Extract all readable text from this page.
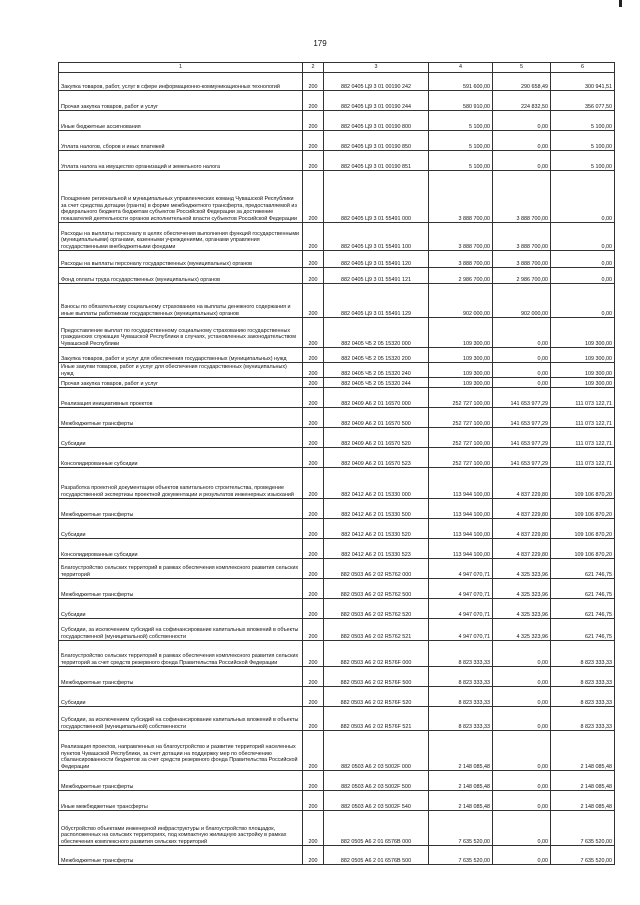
179
1	2	3	4	5	6
Закупка товаров, работ, услуг в сфере информационно-коммуникационных технологий	200	882 0405 Ц9 3 01 00190 242	591 600,00	290 658,49	300 941,51
Прочая закупка товаров, работ и услуг	200	882 0405 Ц9 3 01 00190 244	580 910,00	224 832,50	356 077,50
Иные бюджетные ассигнования	200	882 0405 Ц9 3 01 00190 800	5 100,00	0,00	5 100,00
Уплата налогов, сборов и иных платежей	200	882 0405 Ц9 3 01 00190 850	5 100,00	0,00	5 100,00
Уплата налога на имущество организаций и земельного налога	200	882 0405 Ц9 3 01 00190 851	5 100,00	0,00	5 100,00
Поощрение региональной и муниципальных управленческих команд Чувашской Республики за счет средства дотации (гранта) в форме межбюджетного трансферта, предоставляемой из федерального бюджета бюджетам субъектов Российской Федерации за достижение показателей деятельности органов исполнительной власти субъектов Российской Федерации	200	882 0405 Ц9 3 01 55491 000	3 888 700,00	3 888 700,00	0,00
Расходы на выплаты персоналу в целях обеспечения выполнения функций государственными (муниципальными) органами, казенными учреждениями, органами управления государственными внебюджетными фондами	200	882 0405 Ц9 3 01 55491 100	3 888 700,00	3 888 700,00	0,00
Расходы на выплаты персоналу государственных (муниципальных) органов	200	882 0405 Ц9 3 01 55491 120	3 888 700,00	3 888 700,00	0,00
Фонд оплаты труда государственных (муниципальных) органов	200	882 0405 Ц9 3 01 55491 121	2 986 700,00	2 986 700,00	0,00
Взносы по обязательному социальному страхованию на выплаты денежного содержания и иные выплаты работникам государственных (муниципальных) органов	200	882 0405 Ц9 3 01 55491 129	902 000,00	902 000,00	0,00
Предоставление выплат по государственному социальному страхованию государственных гражданских служащих Чувашской Республики в случаях, установленных законодательством Чувашской Республики	200	882 0405 Ч5 2 05 15320 000	109 300,00	0,00	109 300,00
Закупка товаров, работ и услуг для обеспечения государственных (муниципальных) нужд	200	882 0405 Ч5 2 05 15320 200	109 300,00	0,00	109 300,00
Иные закупки товаров, работ и услуг для обеспечения государственных (муниципальных) нужд	200	882 0405 Ч5 2 05 15320 240	109 300,00	0,00	109 300,00
Прочая закупка товаров, работ и услуг	200	882 0405 Ч5 2 05 15320 244	109 300,00	0,00	109 300,00
Реализация инициативных проектов	200	882 0409 А6 2 01 16570 000	252 727 100,00	141 653 977,29	111 073 122,71
Межбюджетные трансферты	200	882 0409 А6 2 01 16570 500	252 727 100,00	141 653 977,29	111 073 122,71
Субсидии	200	882 0409 А6 2 01 16570 520	252 727 100,00	141 653 977,29	111 073 122,71
Консолидированные субсидии	200	882 0409 А6 2 01 16570 523	252 727 100,00	141 653 977,29	111 073 122,71
Разработка проектной документации объектов капитального строительства, проведение государственной экспертизы проектной документации и результатов инженерных изысканий	200	882 0412 А6 2 01 15330 000	113 944 100,00	4 837 229,80	109 106 870,20
Межбюджетные трансферты	200	882 0412 А6 2 01 15330 500	113 944 100,00	4 837 229,80	109 106 870,20
Субсидии	200	882 0412 А6 2 01 15330 520	113 944 100,00	4 837 229,80	109 106 870,20
Консолидированные субсидии	200	882 0412 А6 2 01 15330 523	113 944 100,00	4 837 229,80	109 106 870,20
Благоустройство сельских территорий в рамках обеспечения комплексного развития сельских территорий	200	882 0503 А6 2 02 R5762 000	4 947 070,71	4 325 323,96	621 746,75
Межбюджетные трансферты	200	882 0503 А6 2 02 R5762 500	4 947 070,71	4 325 323,96	621 746,75
Субсидии	200	882 0503 А6 2 02 R5762 520	4 947 070,71	4 325 323,96	621 746,75
Субсидии, за исключением субсидий на софинансирование капитальных вложений в объекты государственной (муниципальной) собственности	200	882 0503 А6 2 02 R5762 521	4 947 070,71	4 325 323,96	621 746,75
Благоустройство сельских территорий в рамках обеспечения комплексного развития сельских территорий за счет средств резервного фонда Правительства Российской Федерации	200	882 0503 А6 2 02 R576F 000	8 823 333,33	0,00	8 823 333,33
Межбюджетные трансферты	200	882 0503 А6 2 02 R576F 500	8 823 333,33	0,00	8 823 333,33
Субсидии	200	882 0503 А6 2 02 R576F 520	8 823 333,33	0,00	8 823 333,33
Субсидии, за исключением субсидий на софинансирование капитальных вложений в объекты государственной (муниципальной) собственности	200	882 0503 А6 2 02 R576F 521	8 823 333,33	0,00	8 823 333,33
Реализация проектов, направленных на благоустройство и развитие территорий населенных пунктов Чувашской Республики, за счет дотации на поддержку мер по обеспечению сбалансированности бюджетов за счет средств резервного фонда Правительства Российской Федерации	200	882 0503 А6 2 03 5002F 000	2 148 085,48	0,00	2 148 085,48
Межбюджетные трансферты	200	882 0503 А6 2 03 5002F 500	2 148 085,48	0,00	2 148 085,48
Иные межбюджетные трансферты	200	882 0503 А6 2 03 5002F 540	2 148 085,48	0,00	2 148 085,48
Обустройство объектами инженерной инфраструктуры и благоустройство площадок, расположенных на сельских территориях, под компактную жилищную застройку в рамках обеспечения комплексного развития сельских территорий	200	882 0505 А6 2 01 6576В 000	7 635 520,00	0,00	7 635 520,00
Межбюджетные трансферты	200	882 0505 А6 2 01 6576В 500	7 635 520,00	0,00	7 635 520,00
